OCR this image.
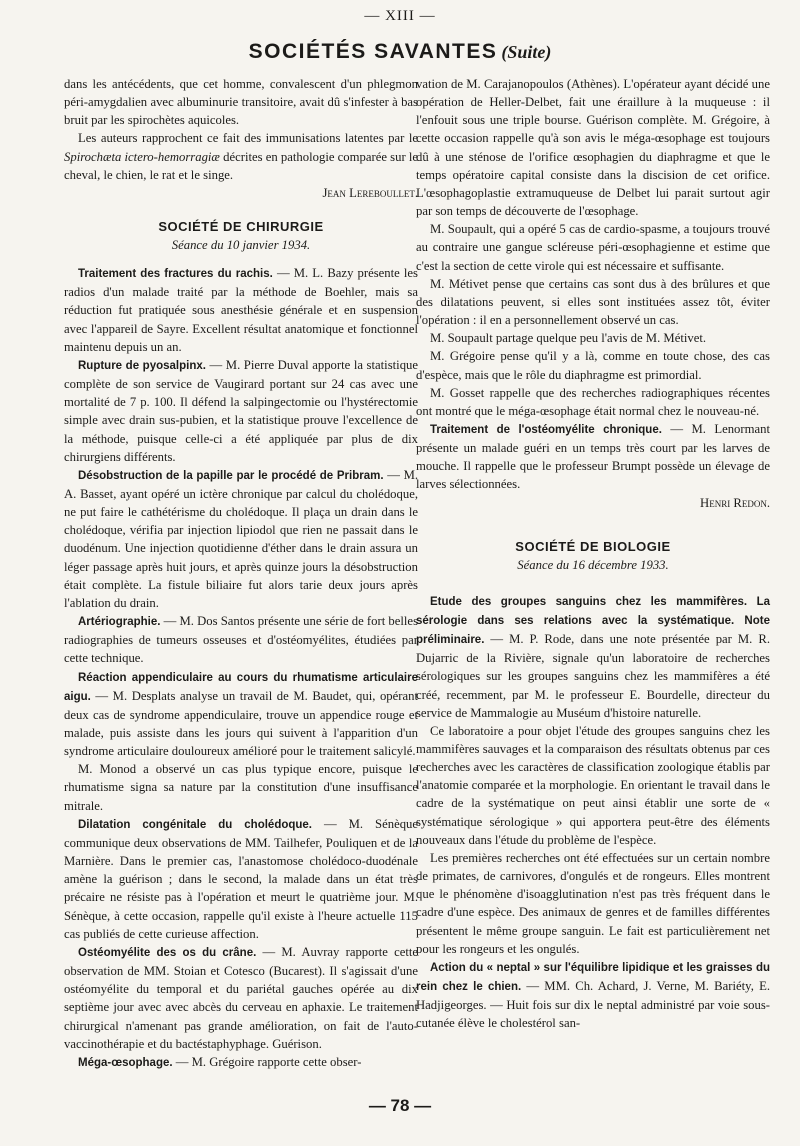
— XIII —
SOCIÉTÉS SAVANTES (Suite)

dans les antécédents, que cet homme, convalescent d'un phlegmon péri-amygdalien avec albuminurie transitoire, avait dû s'infester à bas bruit par les spirochètes aquicoles.

Les auteurs rapprochent ce fait des immunisations latentes par le Spirochæta ictero-hemorragiæ décrites en pathologie comparée sur le cheval, le chien, le rat et le singe.

Jean Lereboullet.

SOCIÉTÉ DE CHIRURGIE

Séance du 10 janvier 1934.

Traitement des fractures du rachis. — M. L. Bazy présente les radios d'un malade traité par la méthode de Boehler, mais sa réduction fut pratiquée sous anesthésie générale et en suspension avec l'appareil de Sayre. Excellent résultat anatomique et fonctionnel maintenu depuis un an.

Rupture de pyosalpinx. — M. Pierre Duval apporte la statistique complète de son service de Vaugirard portant sur 24 cas avec une mortalité de 7 p. 100. Il défend la salpingectomie ou l'hystérectomie simple avec drain sus-pubien, et la statistique prouve l'excellence de la méthode, puisque celle-ci a été appliquée par plus de dix chirurgiens différents.

Désobstruction de la papille par le procédé de Pribram. — M. A. Basset, ayant opéré un ictère chronique par calcul du cholédoque, ne put faire le cathétérisme du cholédoque. Il plaça un drain dans le cholédoque, vérifia par injection lipiodol que rien ne passait dans le duodénum. Une injection quotidienne d'éther dans le drain assura un léger passage après huit jours, et après quinze jours la désobstruction était complète. La fistule biliaire fut alors tarie deux jours après l'ablation du drain.

Artériographie. — M. Dos Santos présente une série de fort belles radiographies de tumeurs osseuses et d'ostéomyélites, étudiées par cette technique.

Réaction appendiculaire au cours du rhumatisme articulaire aigu. — M. Desplats analyse un travail de M. Baudet, qui, opérant deux cas de syndrome appendiculaire, trouve un appendice rouge et malade, puis assiste dans les jours qui suivent à l'apparition d'un syndrome articulaire douloureux amélioré pour le traitement salicylé.

M. Monod a observé un cas plus typique encore, puisque le rhumatisme signa sa nature par la constitution d'une insuffisance mitrale.

Dilatation congénitale du cholédoque. — M. Sénèque communique deux observations de MM. Tailhefer, Pouliquen et de la Marnière. Dans le premier cas, l'anastomose cholédoco-duodénale amène la guérison ; dans le second, la malade dans un état très précaire ne résiste pas à l'opération et meurt le quatrième jour. M. Sénèque, à cette occasion, rappelle qu'il existe à l'heure actuelle 115 cas publiés de cette curieuse affection.

Ostéomyélite des os du crâne. — M. Auvray rapporte cette observation de MM. Stoian et Cotesco (Bucarest). Il s'agissait d'une ostéomyélite du temporal et du pariétal gauches opérée au dix septième jour avec avec abcès du cerveau en aphaxie. Le traitement chirurgical n'amenant pas grande amélioration, on fait de l'auto-vaccinothérapie et du bactéstaphyphage. Guérison.

Méga-œsophage. — M. Grégoire rapporte cette obser-

vation de M. Carajanopoulos (Athènes). L'opérateur ayant décidé une opération de Heller-Delbet, fait une éraillure à la muqueuse : il l'enfouit sous une triple bourse. Guérison complète. M. Grégoire, à cette occasion rappelle qu'à son avis le méga-œsophage est toujours dû à une sténose de l'orifice œsophagien du diaphragme et que le temps opératoire capital consiste dans la discision de cet orifice. L'œsophagoplastie extramuqueuse de Delbet lui parait surtout agir par son temps de découverte de l'œsophage.

M. Soupault, qui a opéré 5 cas de cardio-spasme, a toujours trouvé au contraire une gangue scléreuse péri-œsophagienne et estime que c'est la section de cette virole qui est nécessaire et suffisante.

M. Métivet pense que certains cas sont dus à des brûlures et que des dilatations peuvent, si elles sont instituées assez tôt, éviter l'opération : il en a personnellement observé un cas.

M. Soupault partage quelque peu l'avis de M. Métivet.

M. Grégoire pense qu'il y a là, comme en toute chose, des cas d'espèce, mais que le rôle du diaphragme est primordial.

M. Gosset rappelle que des recherches radiographiques récentes ont montré que le méga-œsophage était normal chez le nouveau-né.

Traitement de l'ostéomyélite chronique. — M. Lenormant présente un malade guéri en un temps très court par les larves de mouche. Il rappelle que le professeur Brumpt possède un élevage de larves sélectionnées.

Henri Redon.

SOCIÉTÉ DE BIOLOGIE

Séance du 16 décembre 1933.

Etude des groupes sanguins chez les mammifères. La sérologie dans ses relations avec la systématique. Note préliminaire. — M. P. Rode, dans une note présentée par M. R. Dujarric de la Rivière, signale qu'un laboratoire de recherches sérologiques sur les groupes sanguins chez les mammifères a été créé, recemment, par M. le professeur E. Bourdelle, directeur du service de Mammalogie au Muséum d'histoire naturelle.

Ce laboratoire a pour objet l'étude des groupes sanguins chez les mammifères sauvages et la comparaison des résultats obtenus par ces recherches avec les caractères de classification zoologique établis par l'anatomie comparée et la morphologie. En orientant le travail dans le cadre de la systématique on peut ainsi établir une sorte de « systématique sérologique » qui apportera peut-être des éléments nouveaux dans l'étude du problème de l'espèce.

Les premières recherches ont été effectuées sur un certain nombre de primates, de carnivores, d'ongulés et de rongeurs. Elles montrent que le phénomène d'isoagglutination n'est pas très fréquent dans le cadre d'une espèce. Des animaux de genres et de familles différentes présentent le même groupe sanguin. Le fait est particulièrement net pour les rongeurs et les ongulés.

Action du « neptal » sur l'équilibre lipidique et les graisses du rein chez le chien. — MM. Ch. Achard, J. Verne, M. Bariéty, E. Hadjigeorges. — Huit fois sur dix le neptal administré par voie sous-cutanée élève le cholestérol san-

— 78 —
